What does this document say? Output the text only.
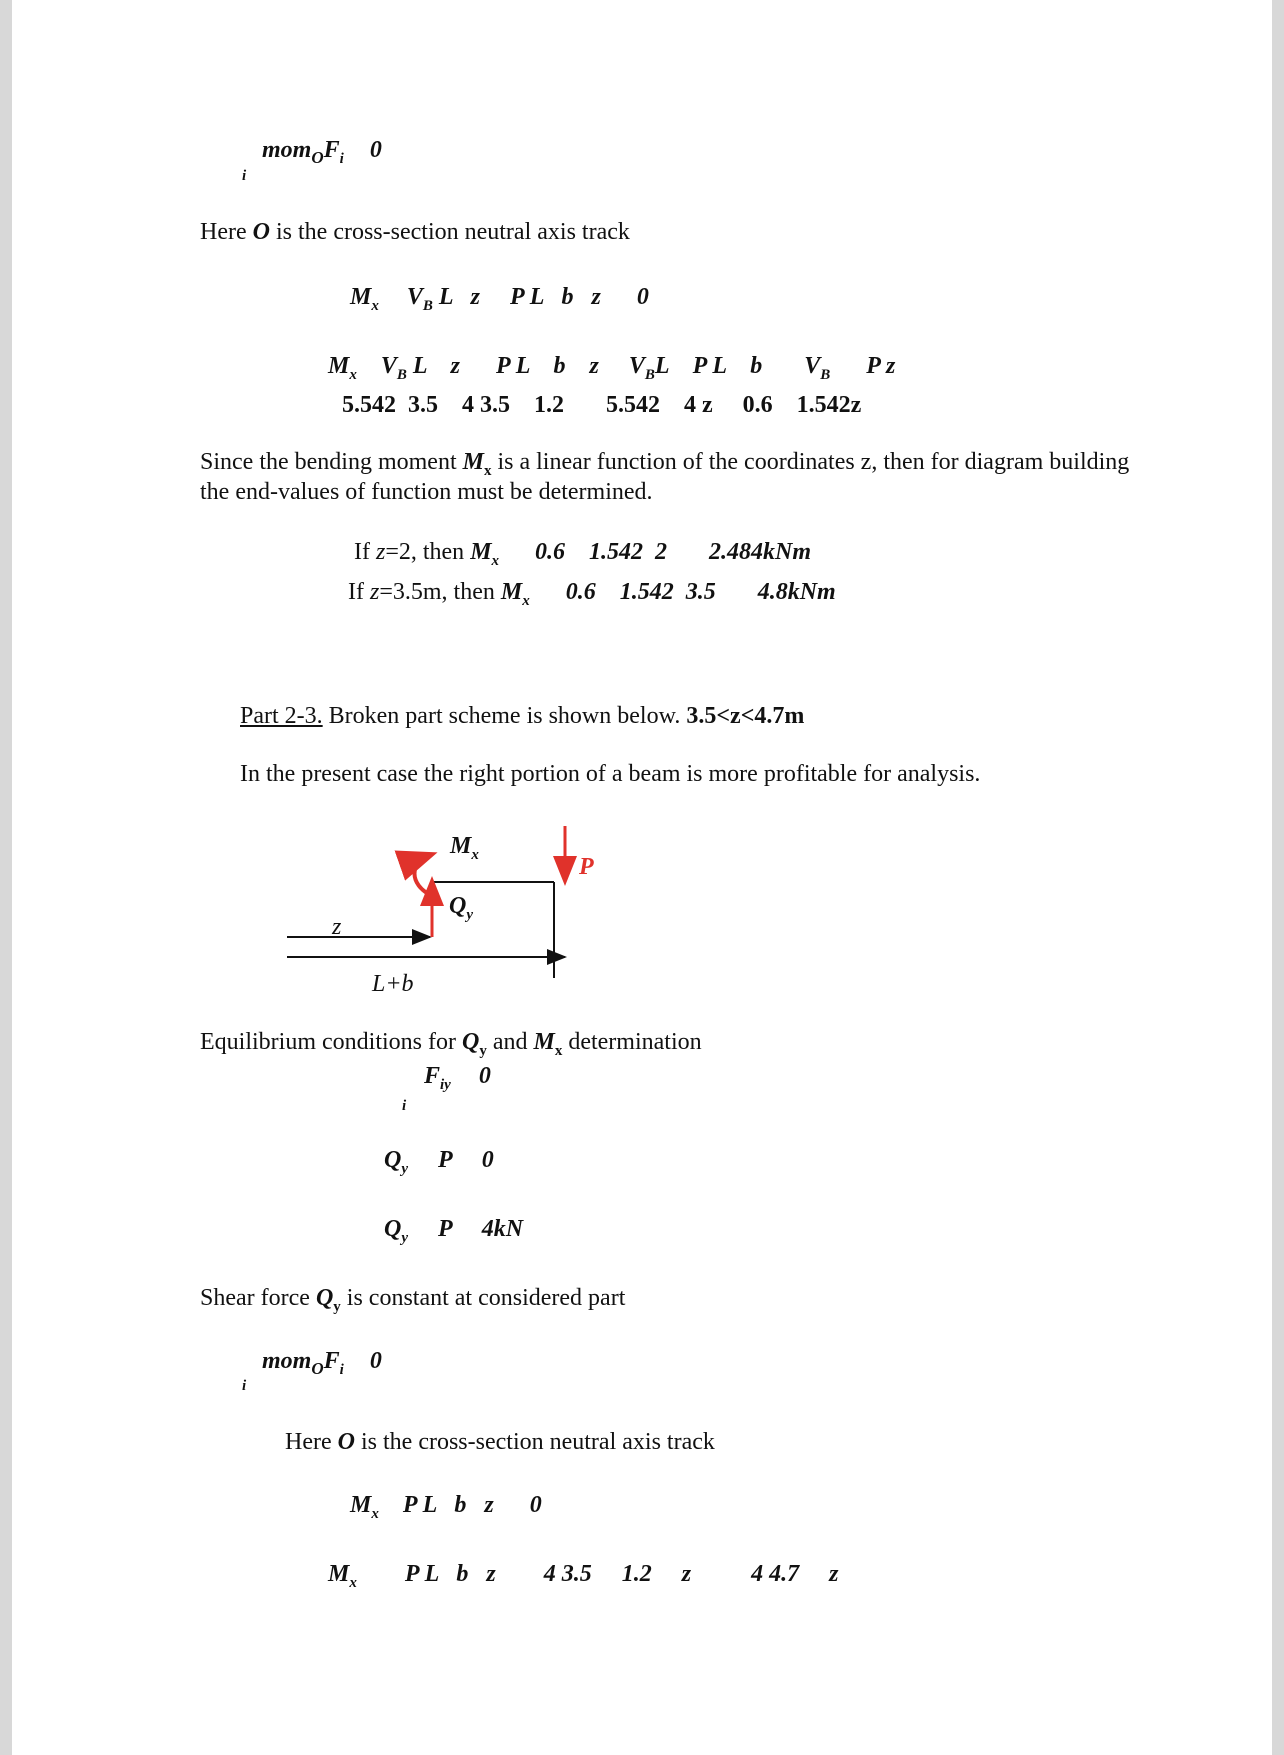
$mom_OF_i$ 0
i
Here O is the cross-section neutral axis track
$M_x$ $V_B$ L   z     P L   b   z      0
$M_x$ $V_B$ L    z      P L    b    z     $V_BL$    P L    b       $V_B$ P z
5.542  3.5    4 3.5    1.2       5.542    4 z     0.6    1.542z
Since the bending moment $M_x$ is a linear function of the coordinates z, then for diagram building
the end-values of function must be determined.
If z=2, then $M_x$ 0.6    1.542  2       2.484kNm
If z=3.5m, then $M_x$ 0.6    1.542  3.5       4.8kNm
Part 2-3. Broken part scheme is shown below. 3.5<z<4.7m
In the present case the right portion of a beam is more profitable for analysis.
$M_x$	P
$Q_y$
z
L+b
Equilibrium conditions for $Q_y$ and $M_x$ determination
$F_{iy}$ 0
i
$Q_y$ P     0
$Q_y$ P     4kN
Shear force $Q_y$ is constant at considered part
$mom_OF_i$ 0
i
Here O is the cross-section neutral axis track
$M_x$ P L   b   z      0
$M_x$ P L   b   z 4 3.5     1.2     z	4 4.7     z
